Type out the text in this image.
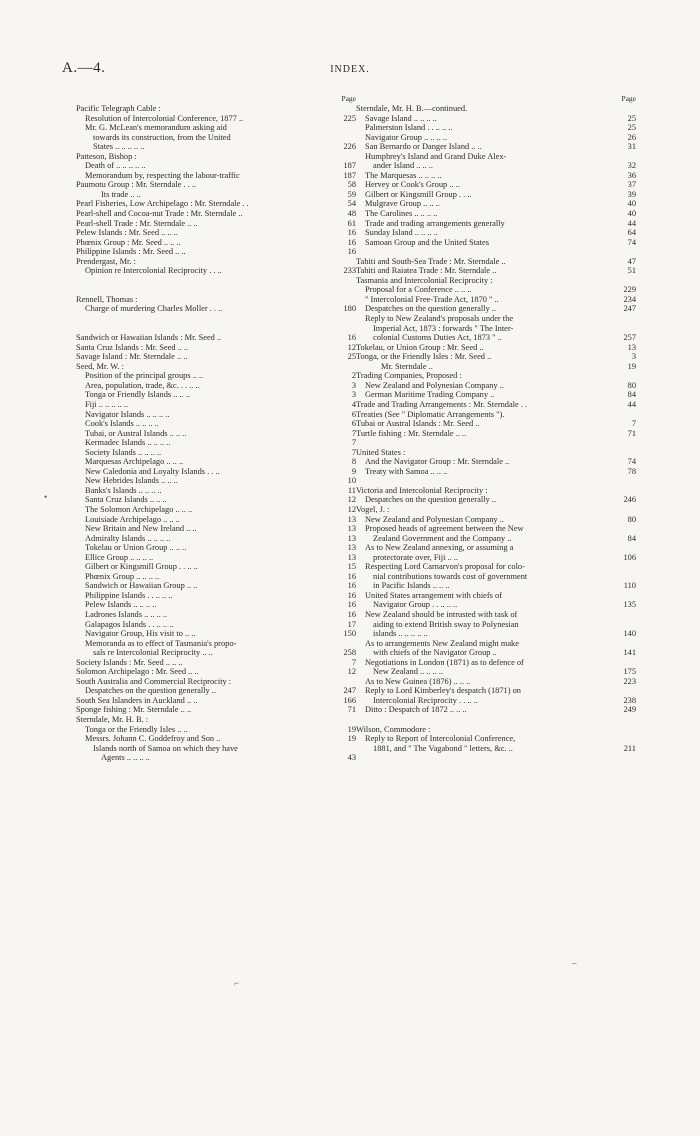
A.—4.	INDEX.
Page
Pacific Telegraph Cable :
Resolution of Intercolonial Conference, 1877 ..	225
Mr. G. McLean's memorandum asking aid
towards its construction, from the United
States .. .. .. .. ..	226
Patteson, Bishop :
Death of .. .. .. .. ..	187
Memorandum by, respecting the labour-traffic	187
Paumotu Group : Mr. Sterndale . . ..	58
Its trade .. ..	59
Pearl Fisheries, Low Archipelago : Mr. Sterndale . .	54
Pearl-shell and Cocoa-nut Trade : Mr. Sterndale ..	48
Pearl-shell Trade : Mr. Sterndale .. ..	61
Pelew Islands : Mr. Seed .. .. ..	16
Phœnix Group : Mr. Seed .. .. ..	16
Philippine Islands : Mr. Seed .. ..	16
Prendergast, Mr. :
Opinion re Intercolonial Reciprocity . . ..	233
Rennell, Thomas :
Charge of murdering Charles Moller . . ..	180
Sandwich or Hawaiian Islands : Mr. Seed ..	16
Santa Cruz Islands : Mr. Seed .. ..	12
Savage Island : Mr. Sterndale .. ..	25
Seed, Mr. W. :
Position of the principal groups .. ..	2
Area, population, trade, &c. . . .. ..	3
Tonga or Friendly Islands .. .. ..	3
Fiji .. .. .. .. ..	4
Navigator Islands .. .. .. ..	6
Cook's Islands .. .. .. ..	6
Tubai, or Austral Islands .. .. ..	7
Kermadec Islands .. .. .. ..	7
Society Islands .. .. .. ..	7
Marquesas Archipelago .. .. ..	8
New Caledonia and Loyalty Islands . . ..	9
New Hebrides Islands .. .. ..	10
Banks's Islands .. .. .. ..	11
Santa Cruz Islands .. .. ..	12
The Solomon Archipelago .. .. ..	12
Louisiade Archipelago .. .. ..	13
New Britain and New Ireland .. ..	13
Admiralty Islands .. .. .. ..	13
Tokelau or Union Group .. .. ..	13
Ellice Group .. .. .. ..	13
Gilbert or Kingsmill Group . . .. ..	15
Phœnix Group .. .. .. ..	16
Sandwich or Hawaiian Group .. ..	16
Philippine Islands . . .. .. ..	16
Pelew Islands .. .. .. ..	16
Ladrones Islands .. .. .. ..	16
Galapagos Islands . . .. .. ..	17
Navigator Group, His visit to .. ..	150
Memoranda as to effect of Tasmania's propo-
sals re Intercolonial Reciprocity .. ..	258
Society Islands : Mr. Seed .. .. ..	7
Solomon Archipelago : Mr. Seed .. ..	12
South Australia and Commercial Reciprocity :
Despatches on the question generally ..	247
South Sea Islanders in Auckland .. ..	166
Sponge fishing : Mr. Sterndale .. ..	71
Sterndale, Mr. H. B. :
Tonga or the Friendly Isles .. ..	19
Messrs. Johann C. Goddefroy and Son ..	19
Islands north of Samoa on which they have
Agents .. .. .. ..	43
Page
Sterndale, Mr. H. B.—continued.
Savage Island .. .. .. ..	25
Palmerston Island . . .. .. ..	25
Navigator Group .. .. .. ..	26
San Bernardo or Danger Island .. ..	31
Humphrey's Island and Grand Duke Alex-
ander Island .. .. ..	32
The Marquesas .. .. .. ..	36
Hervey or Cook's Group .. ..	37
Gilbert or Kingsmill Group . . ..	39
Mulgrave Group .. .. ..	40
The Carolines .. .. .. ..	40
Trade and trading arrangements generally	44
Sunday Island .. .. .. ..	64
Samoan Group and the United States	74
Tahiti and South-Sea Trade : Mr. Sterndale ..	47
Tahiti and Raiatea Trade : Mr. Sterndale ..	51
Tasmania and Intercolonial Reciprocity :
Proposal for a Conference .. .. ..	229
" Intercolonial Free-Trade Act, 1870 " ..	234
Despatches on the question generally ..	247
Reply to New Zealand's proposals under the
Imperial Act, 1873 : forwards " The Inter-
colonial Customs Duties Act, 1873 " ..	257
Tokelau, or Union Group : Mr. Seed ..	13
Tonga, or the Friendly Isles : Mr. Seed ..	3
Mr. Sterndale ..	19
Trading Companies, Proposed :
New Zealand and Polynesian Company ..	80
German Maritime Trading Company ..	84
Trade and Trading Arrangements : Mr. Sterndale . .	44
Treaties (See " Diplomatic Arrangements ").
Tubai or Austral Islands : Mr. Seed ..	7
Turtle fishing : Mr. Sterndale .. ..	71
United States :
And the Navigator Group : Mr. Sterndale ..	74
Treaty with Samoa .. .. ..	78
Victoria and Intercolonial Reciprocity :
Despatches on the question generally ..	246
Vogel, J. :
New Zealand and Polynesian Company ..	80
Proposed heads of agreement between the New
Zealand Government and the Company ..	84
As to New Zealand annexing, or assuming a
protectorate over, Fiji .. ..	106
Respecting Lord Carnarvon's proposal for colo-
nial contributions towards cost of government
in Pacific Islands .. .. ..	110
United States arrangement with chiefs of
Navigator Group . . .. .. ..	135
New Zealand should be intrusted with task of
aiding to extend British sway to Polynesian
islands .. .. .. .. ..	140
As to arrangements New Zealand might make
with chiefs of the Navigator Group ..	141
Negotiations in London (1871) as to defence of
New Zealand .. .. .. ..	175
As to New Guinea (1876) .. .. ..	223
Reply to Lord Kimberley's despatch (1871) on
Intercolonial Reciprocity . . .. ..	238
Ditto : Despatch of 1872 .. .. ..	249
Wilson, Commodore :
Reply to Report of Intercolonial Conference,
1881, and " The Vagabond " letters, &c. ..	211
•
⌐
‒
